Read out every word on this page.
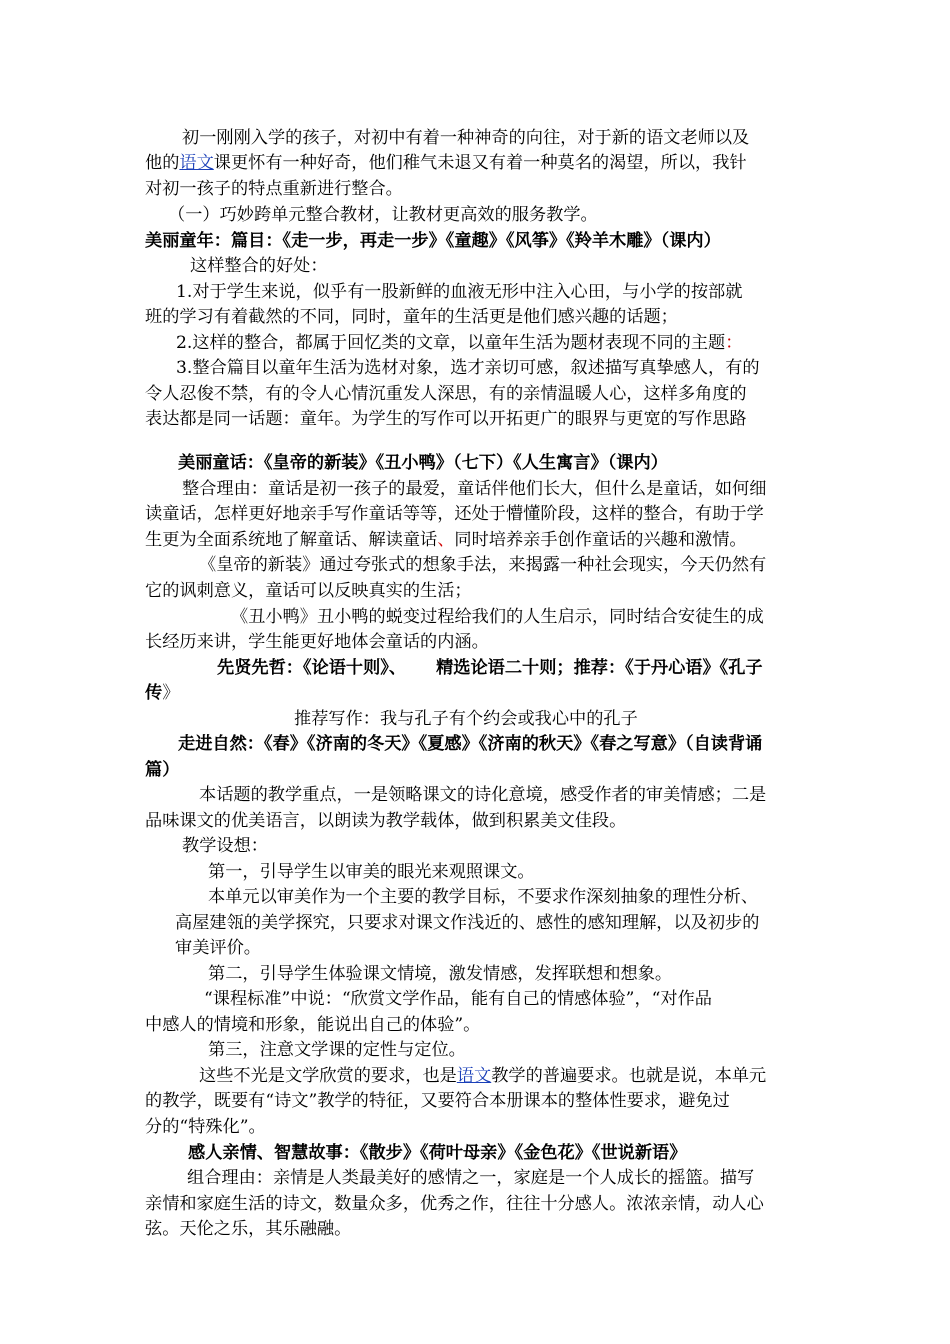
初一刚刚入学的孩子，对初中有着一种神奇的向往，对于新的语文老师以及
他的语文课更怀有一种好奇，他们稚气未退又有着一种莫名的渴望，所以，我针
对初一孩子的特点重新进行整合。
（一）巧妙跨单元整合教材，让教材更高效的服务教学。
美丽童年：篇目：《走一步，再走一步》《童趣》《风筝》《羚羊木雕》（课内）
这样整合的好处：
1.对于学生来说，似乎有一股新鲜的血液无形中注入心田，与小学的按部就
班的学习有着截然的不同，同时，童年的生活更是他们感兴趣的话题；
2.这样的整合，都属于回忆类的文章，以童年生活为题材表现不同的主题：
3.整合篇目以童年生活为选材对象，选才亲切可感，叙述描写真挚感人，有的
令人忍俊不禁，有的令人心情沉重发人深思，有的亲情温暖人心，这样多角度的
表达都是同一话题：童年。为学生的写作可以开拓更广的眼界与更宽的写作思路
美丽童话：《皇帝的新装》《丑小鸭》（七下）《人生寓言》（课内）
整合理由：童话是初一孩子的最爱，童话伴他们长大，但什么是童话，如何细
读童话，怎样更好地亲手写作童话等等，还处于懵懂阶段，这样的整合，有助于学
生更为全面系统地了解童话、解读童话、同时培养亲手创作童话的兴趣和激情。
《皇帝的新装》通过夸张式的想象手法，来揭露一种社会现实，今天仍然有
它的讽刺意义，童话可以反映真实的生活；
《丑小鸭》丑小鸭的蜕变过程给我们的人生启示，同时结合安徒生的成
长经历来讲，学生能更好地体会童话的内涵。
先贤先哲：《论语十则》、 精选论语二十则；推荐：《于丹心语》《孔子
传》
推荐写作：我与孔子有个约会或我心中的孔子
走进自然：《春》《济南的冬天》《夏感》《济南的秋天》《春之写意》（自读背诵
篇）
本话题的教学重点，一是领略课文的诗化意境，感受作者的审美情感；二是
品味课文的优美语言，以朗读为教学载体，做到积累美文佳段。
教学设想：
第一，引导学生以审美的眼光来观照课文。
本单元以审美作为一个主要的教学目标，不要求作深刻抽象的理性分析、
高屋建瓴的美学探究，只要求对课文作浅近的、感性的感知理解，以及初步的
审美评价。
第二，引导学生体验课文情境，激发情感，发挥联想和想象。
“课程标准”中说：“欣赏文学作品，能有自己的情感体验”，“对作品
中感人的情境和形象，能说出自己的体验”。
第三，注意文学课的定性与定位。
这些不光是文学欣赏的要求，也是语文教学的普遍要求。也就是说，本单元
的教学，既要有“诗文”教学的特征，又要符合本册课本的整体性要求，避免过
分的“特殊化”。
感人亲情、智慧故事：《散步》《荷叶母亲》《金色花》《世说新语》
组合理由：亲情是人类最美好的感情之一，家庭是一个人成长的摇篮。描写
亲情和家庭生活的诗文，数量众多，优秀之作，往往十分感人。浓浓亲情，动人心
弦。天伦之乐，其乐融融。
